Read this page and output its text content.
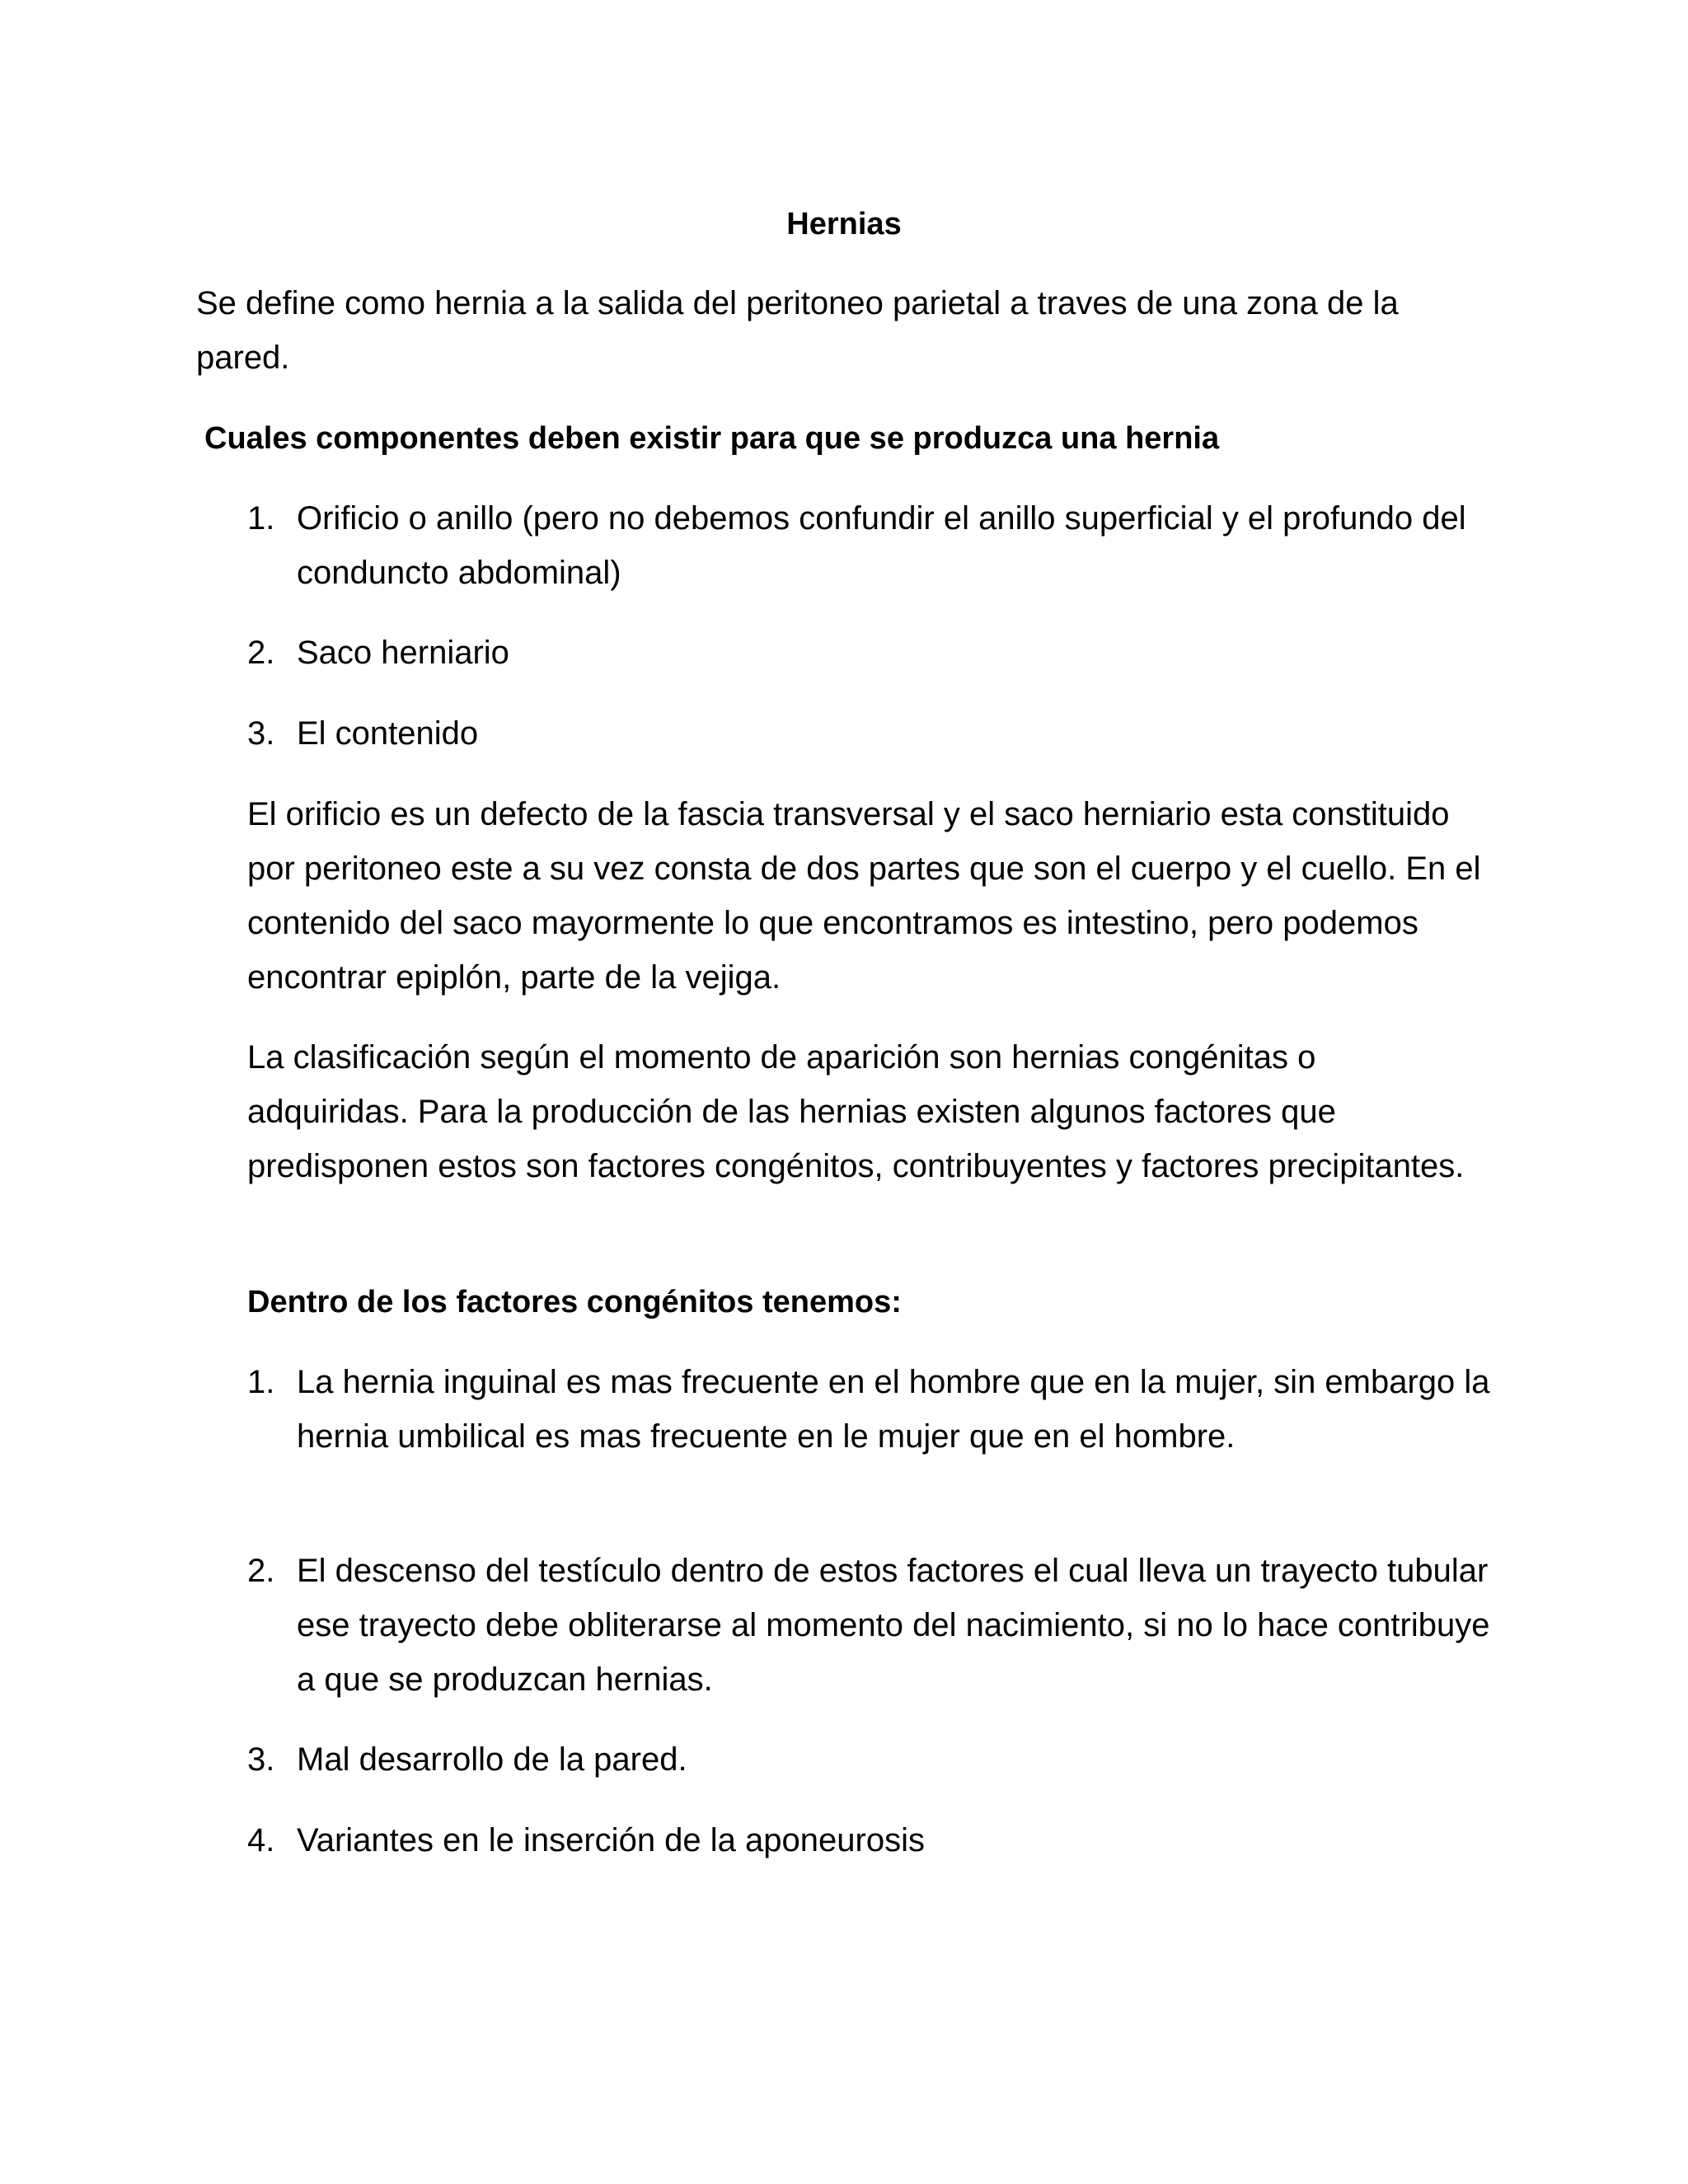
Hernias

Se define como hernia a la salida del peritoneo parietal a traves de una zona de la pared.

Cuales componentes deben existir para que se produzca una hernia

1. Orificio o anillo (pero no debemos confundir el anillo superficial y el profundo del conduncto abdominal)
2. Saco herniario
3. El contenido

El orificio es un defecto de la fascia transversal y el saco herniario esta constituido por peritoneo este a su vez consta de dos partes que son el cuerpo y el cuello. En el contenido del saco mayormente lo que encontramos es intestino, pero podemos encontrar epiplón, parte de la vejiga.

La clasificación según el momento de aparición son hernias congénitas o adquiridas. Para la producción de las hernias existen algunos factores que predisponen estos son factores congénitos, contribuyentes y factores precipitantes.

Dentro de los factores congénitos tenemos:

1. La hernia inguinal es mas frecuente en el hombre que en la mujer, sin embargo la hernia umbilical es mas frecuente en le mujer que en el hombre.
2. El descenso del testículo dentro de estos factores el cual lleva un trayecto tubular ese trayecto debe obliterarse al momento del nacimiento, si no lo hace contribuye a que se produzcan hernias.
3. Mal desarrollo de la pared.
4. Variantes en le inserción de la aponeurosis
